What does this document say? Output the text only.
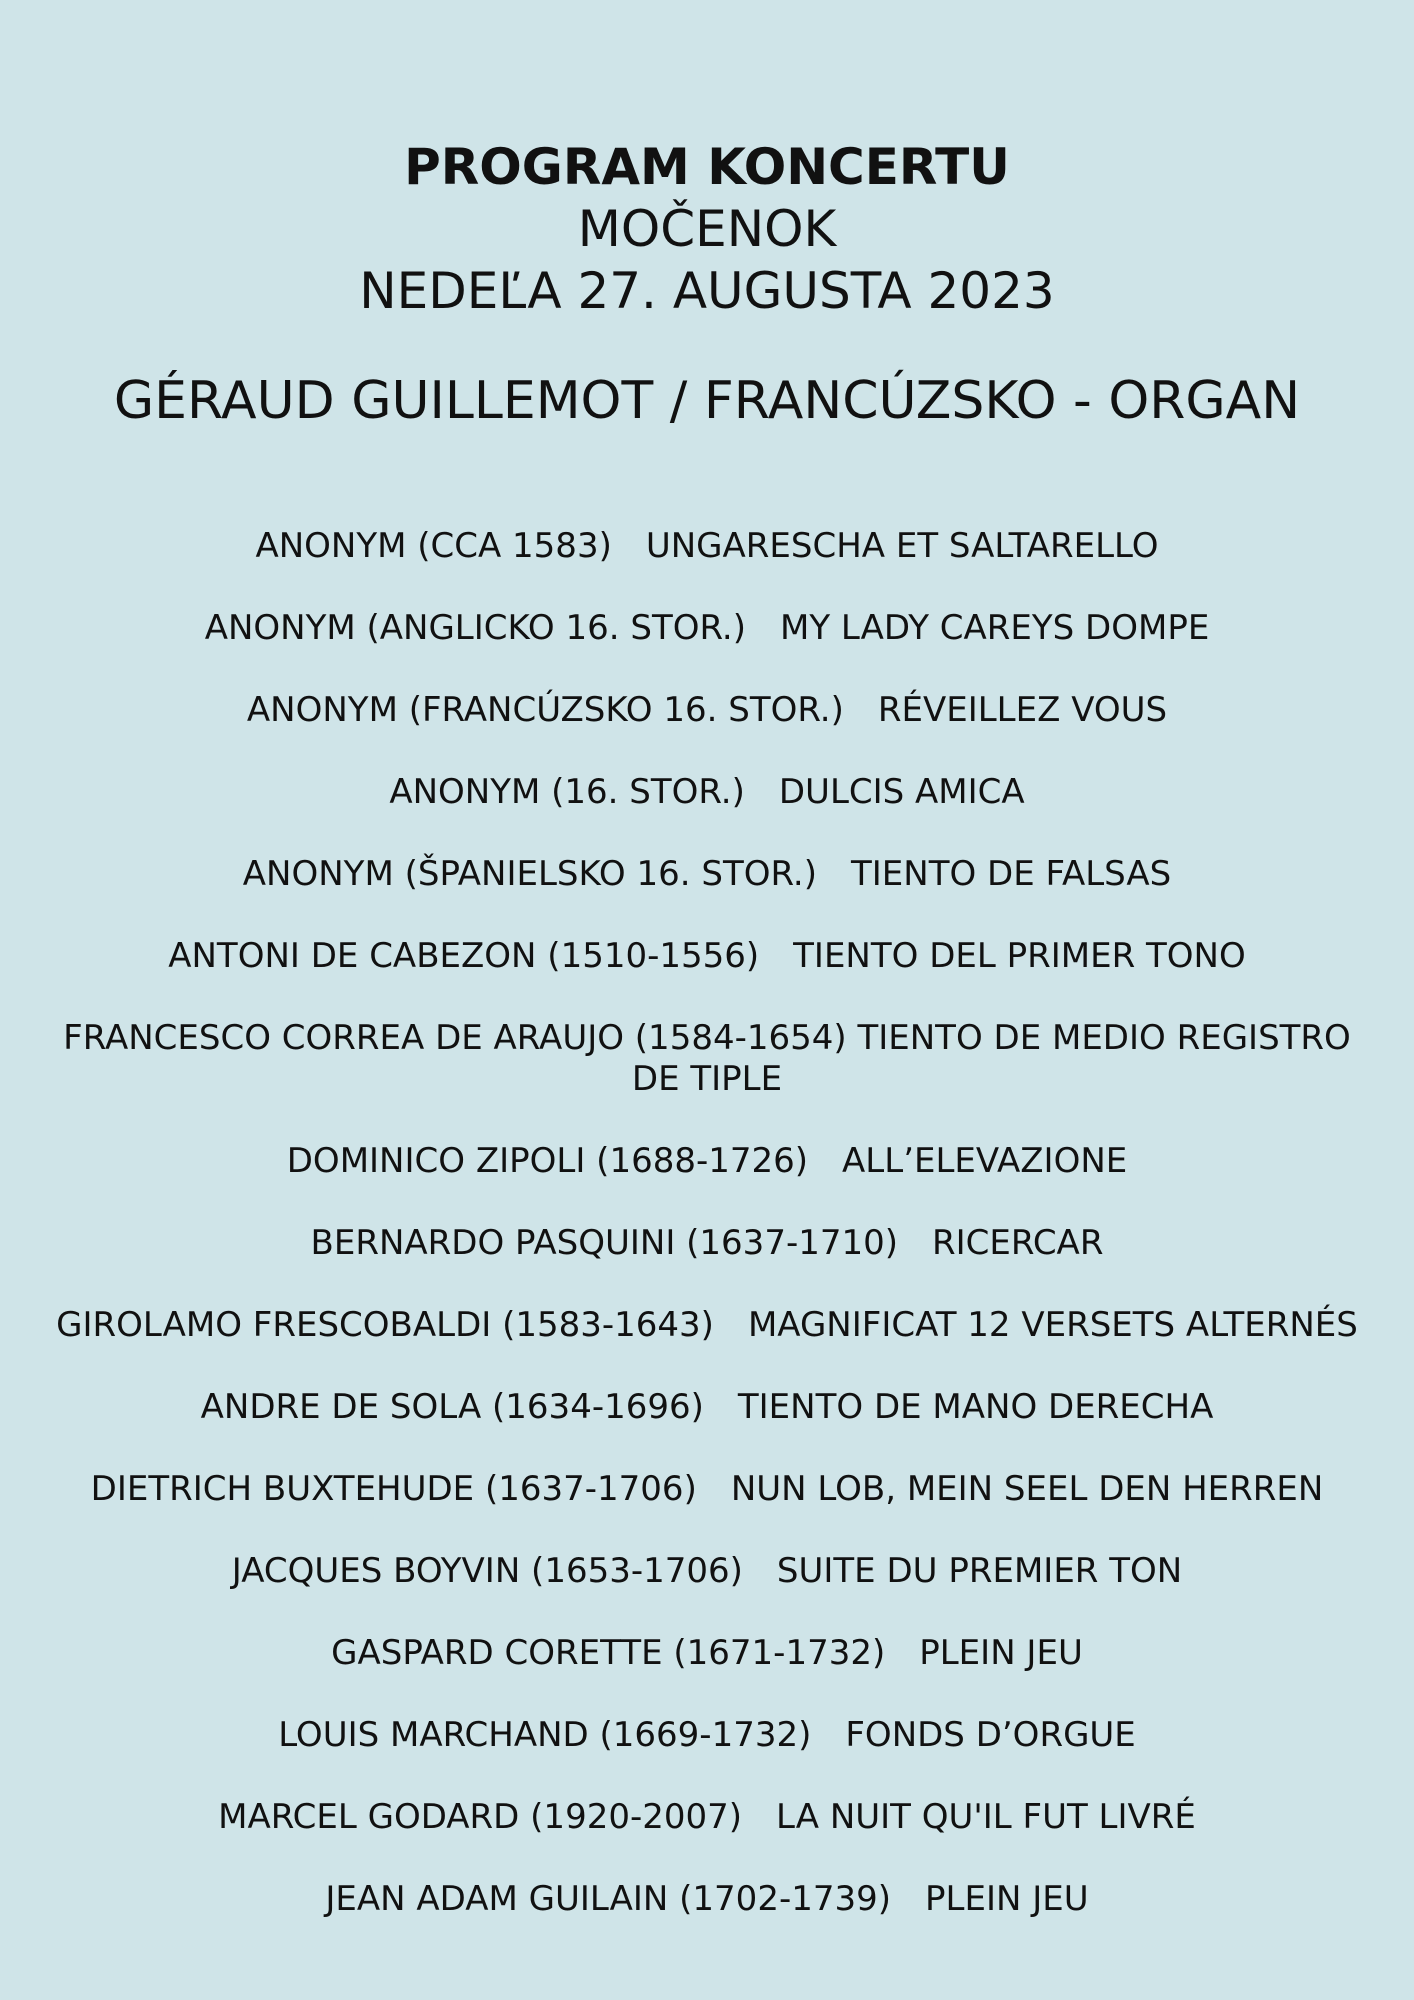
PROGRAM KONCERTU
MOČENOK
NEDEĽA 27. AUGUSTA 2023
GÉRAUD GUILLEMOT / FRANCÚZSKO - ORGAN
ANONYM (CCA 1583) UNGARESCHA ET SALTARELLO
ANONYM (ANGLICKO 16. STOR.) MY LADY CAREYS DOMPE
ANONYM (FRANCÚZSKO 16. STOR.) RÉVEILLEZ VOUS
ANONYM (16. STOR.) DULCIS AMICA
ANONYM (ŠPANIELSKO 16. STOR.) TIENTO DE FALSAS
ANTONI DE CABEZON (1510-1556) TIENTO DEL PRIMER TONO
FRANCESCO CORREA DE ARAUJO (1584-1654) TIENTO DE MEDIO REGISTRO DE TIPLE
DOMINICO ZIPOLI (1688-1726) ALLʼELEVAZIONE
BERNARDO PASQUINI (1637-1710) RICERCAR
GIROLAMO FRESCOBALDI (1583-1643) MAGNIFICAT 12 VERSETS ALTERNÉS
ANDRE DE SOLA (1634-1696) TIENTO DE MANO DERECHA
DIETRICH BUXTEHUDE (1637-1706) NUN LOB, MEIN SEEL DEN HERREN
JACQUES BOYVIN (1653-1706) SUITE DU PREMIER TON
GASPARD CORETTE (1671-1732) PLEIN JEU
LOUIS MARCHAND (1669-1732) FONDS D’ORGUE
MARCEL GODARD (1920-2007) LA NUIT QU'IL FUT LIVRÉ
JEAN ADAM GUILAIN (1702-1739) PLEIN JEU
